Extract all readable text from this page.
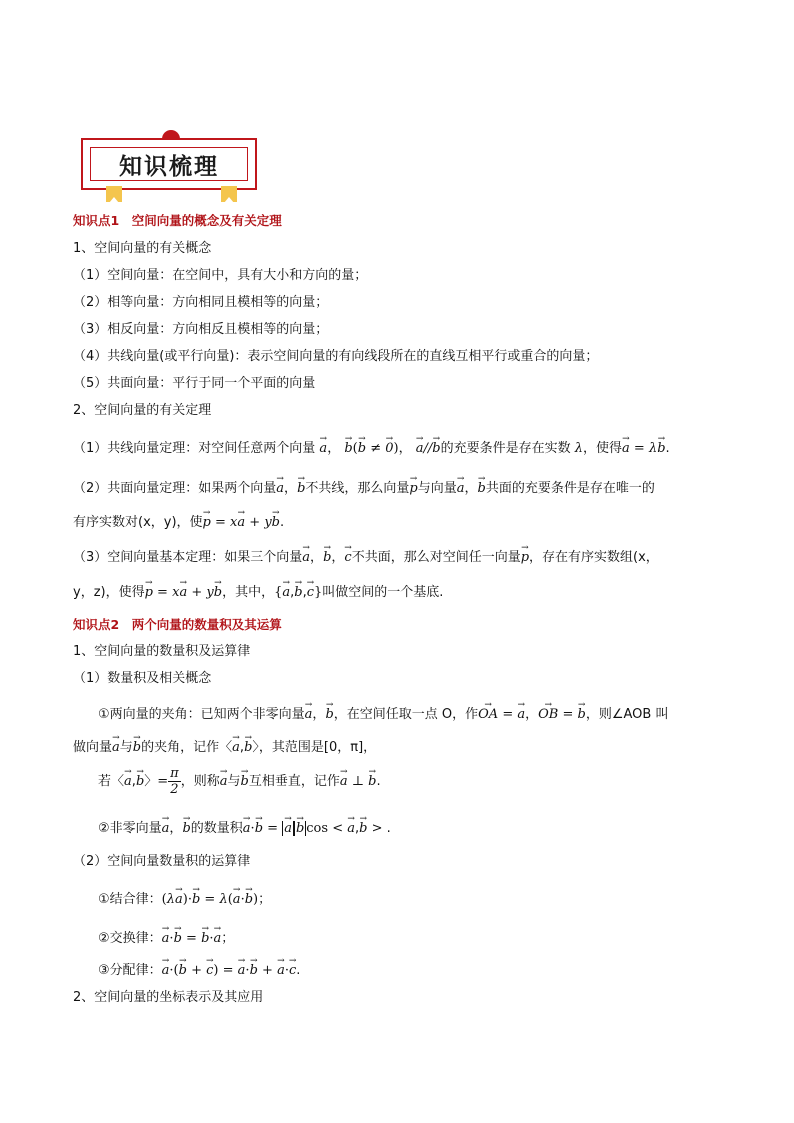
知识梳理
知识点1　空间向量的概念及有关定理
1、空间向量的有关概念
（1）空间向量：在空间中，具有大小和方向的量；
（2）相等向量：方向相同且模相等的向量；
（3）相反向量：方向相反且模相等的向量；
（4）共线向量(或平行向量)：表示空间向量的有向线段所在的直线互相平行或重合的向量；
（5）共面向量：平行于同一个平面的向量
2、空间向量的有关定理
（1）共线向量定理：对空间任意两个向量 → a， → b(→ b ≠ → 0)， → a//→ b的充要条件是存在实数 λ，使得→ a = λ→ b.
（2）共面向量定理：如果两个向量→ a，→ b不共线，那么向量→ p与向量→ a，→ b共面的充要条件是存在唯一的
有序实数对(x，y)，使→ p = x→ a + y→ b.
（3）空间向量基本定理：如果三个向量→ a，→ b，→ c不共面，那么对空间任一向量→ p，存在有序实数组(x，
y，z)，使得→ p = x→ a + y→ b，其中，{→ a,→ b,→ c}叫做空间的一个基底.
知识点2　两个向量的数量积及其运算
1、空间向量的数量积及运算律
（1）数量积及相关概念
①两向量的夹角：已知两个非零向量→ a，→ b，在空间任取一点 O，作→ OA = → a，→ OB = → b，则∠AOB 叫
做向量→ a与→ b的夹角，记作〈→ a,→ b〉，其范围是[0，π]，
若〈→ a,→ b〉= $\frac{\pi}{2}$ ，则称→ a与→ b互相垂直，记作→ a ⊥ → b.
②非零向量→ a，→ b的数量积→ a·→ b = → a → b cos < → a,→ b > .
（2）空间向量数量积的运算律
①结合律：(λ→ a)·→ b = λ(→ a·→ b)；
②交换律：→ a·→ b = → b·→ a；
③分配律：→ a·(→ b + → c) = → a·→ b + → a·→ c.
2、空间向量的坐标表示及其应用
